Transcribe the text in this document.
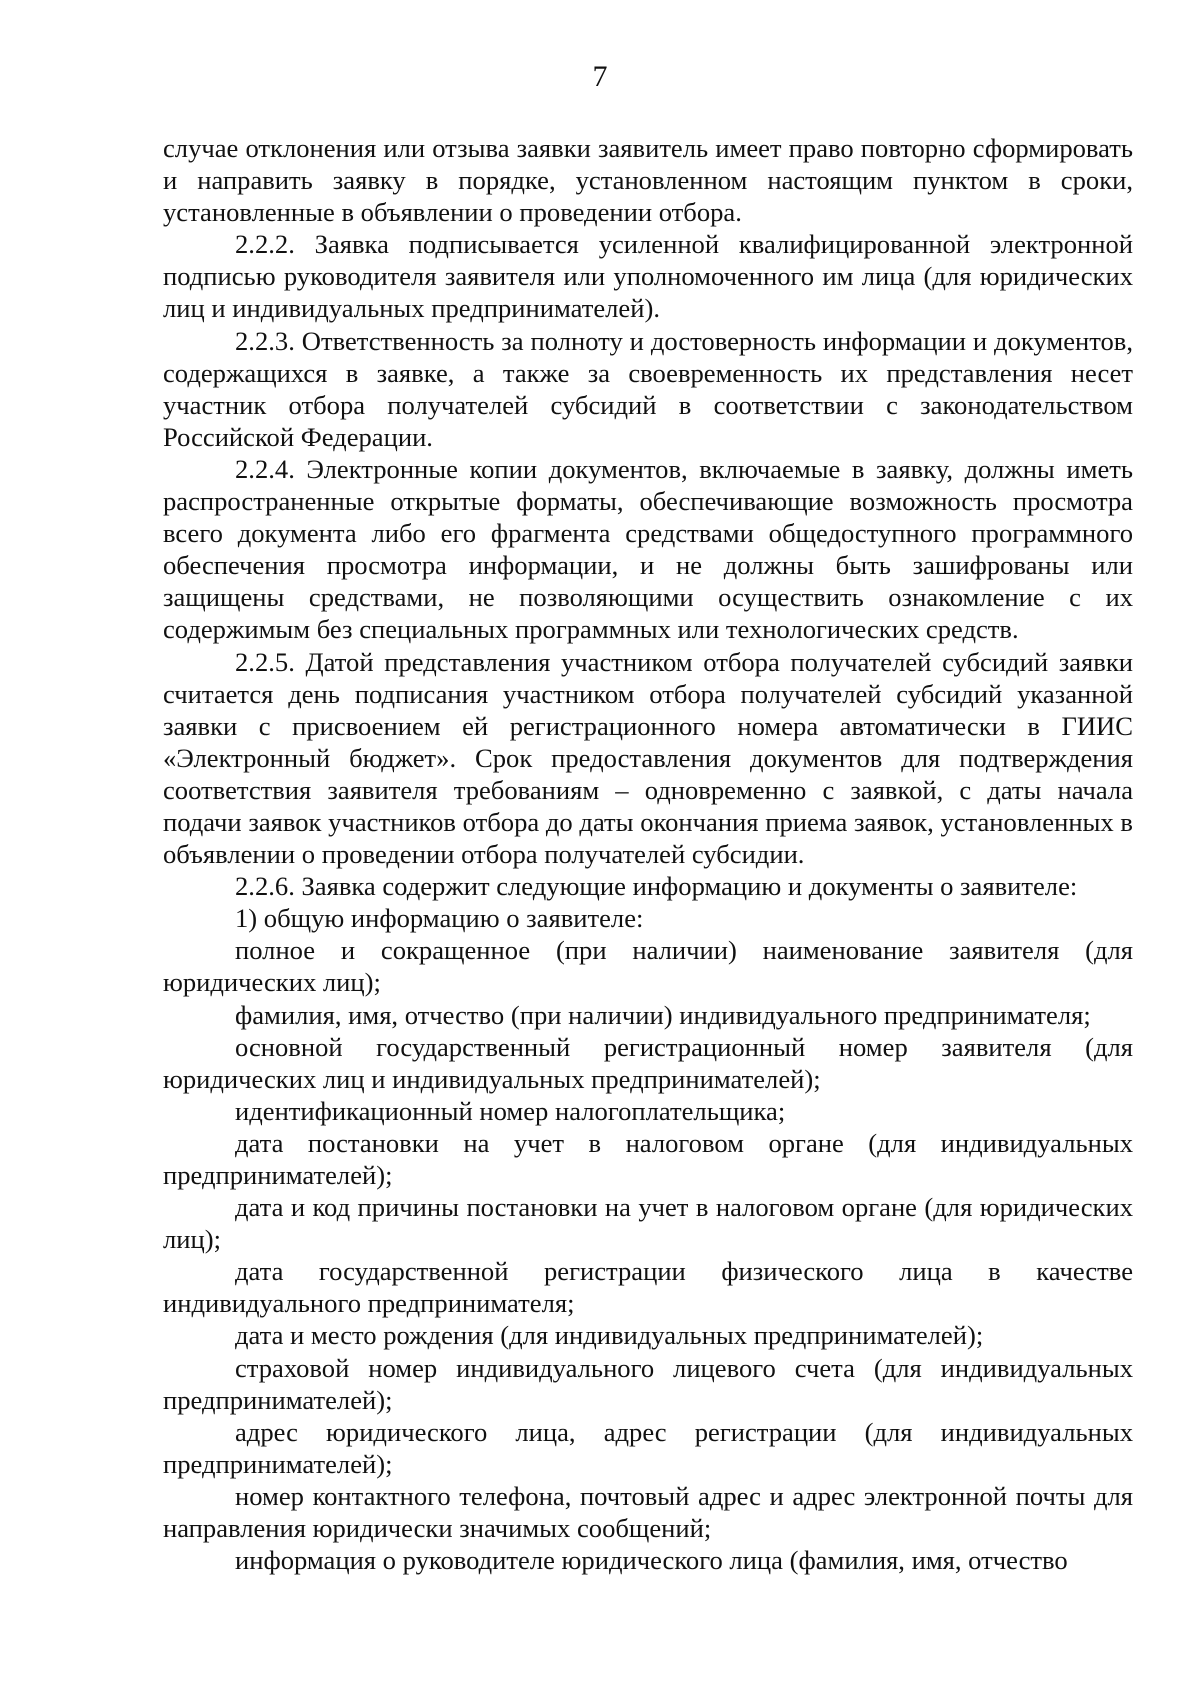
7

случае отклонения или отзыва заявки заявитель имеет право повторно сформировать и направить заявку в порядке, установленном настоящим пунктом в сроки, установленные в объявлении о проведении отбора.

2.2.2. Заявка подписывается усиленной квалифицированной электронной подписью руководителя заявителя или уполномоченного им лица (для юридических лиц и индивидуальных предпринимателей).

2.2.3. Ответственность за полноту и достоверность информации и документов, содержащихся в заявке, а также за своевременность их представления несет участник отбора получателей субсидий в соответствии с законодательством Российской Федерации.

2.2.4. Электронные копии документов, включаемые в заявку, должны иметь распространенные открытые форматы, обеспечивающие возможность просмотра всего документа либо его фрагмента средствами общедоступного программного обеспечения просмотра информации, и не должны быть зашифрованы или защищены средствами, не позволяющими осуществить ознакомление с их содержимым без специальных программных или технологических средств.

2.2.5. Датой представления участником отбора получателей субсидий заявки считается день подписания участником отбора получателей субсидий указанной заявки с присвоением ей регистрационного номера автоматически в ГИИС «Электронный бюджет». Срок предоставления документов для подтверждения соответствия заявителя требованиям – одновременно с заявкой, с даты начала подачи заявок участников отбора до даты окончания приема заявок, установленных в объявлении о проведении отбора получателей субсидии.

2.2.6. Заявка содержит следующие информацию и документы о заявителе:

1) общую информацию о заявителе:

полное и сокращенное (при наличии) наименование заявителя (для юридических лиц);

фамилия, имя, отчество (при наличии) индивидуального предпринимателя;

основной государственный регистрационный номер заявителя (для юридических лиц и индивидуальных предпринимателей);

идентификационный номер налогоплательщика;

дата постановки на учет в налоговом органе (для индивидуальных предпринимателей);

дата и код причины постановки на учет в налоговом органе (для юридических лиц);

дата государственной регистрации физического лица в качестве индивидуального предпринимателя;

дата и место рождения (для индивидуальных предпринимателей);

страховой номер индивидуального лицевого счета (для индивидуальных предпринимателей);

адрес юридического лица, адрес регистрации (для индивидуальных предпринимателей);

номер контактного телефона, почтовый адрес и адрес электронной почты для направления юридически значимых сообщений;

информация о руководителе юридического лица (фамилия, имя, отчество
